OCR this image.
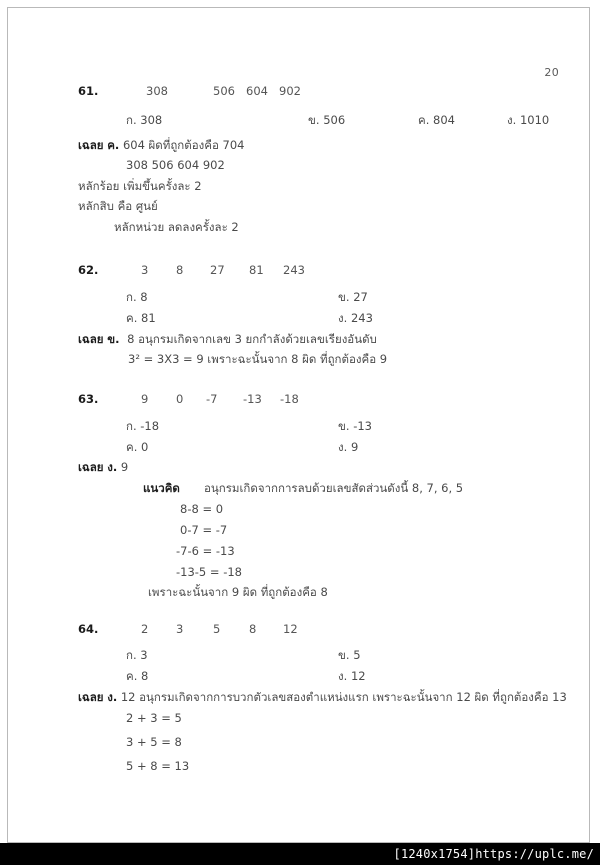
20
61.	308	506 604 902
ก. 308	ข. 506	ค. 804	ง. 1010
เฉลย ค. 604 ผิดที่ถูกต้องคือ 704
308 506 604 902
หลักร้อย เพิ่มขึ้นครั้งละ 2
หลักสิบ คือ ศูนย์
หลักหน่วย ลดลงครั้งละ 2
62.	3 8 27 81 243
ก. 8	ข. 27
ค. 81	ง. 243
เฉลย ข. 8 อนุกรมเกิดจากเลข 3 ยกกำลังด้วยเลขเรียงอันดับ
3² = 3X3 = 9 เพราะฉะนั้นจาก 8 ผิด ที่ถูกต้องคือ 9
63.	9 0 -7 -13 -18
ก. -18	ข. -13
ค. 0	ง. 9
เฉลย ง. 9
แนวคิด อนุกรมเกิดจากการลบด้วยเลขสัดส่วนดังนี้ 8, 7, 6, 5
8-8 = 0
0-7 = -7
-7-6 = -13
-13-5 = -18
เพราะฉะนั้นจาก 9 ผิด ที่ถูกต้องคือ 8
64.	2 3	5 8 12
ก. 3	ข. 5
ค. 8	ง. 12
เฉลย ง. 12 อนุกรมเกิดจากการบวกตัวเลขสองตำแหน่งแรก เพราะฉะนั้นจาก 12 ผิด ที่ถูกต้องคือ 13
2 + 3 = 5
3 + 5 = 8
5 + 8 = 13
[1240x1754]https://uplc.me/
